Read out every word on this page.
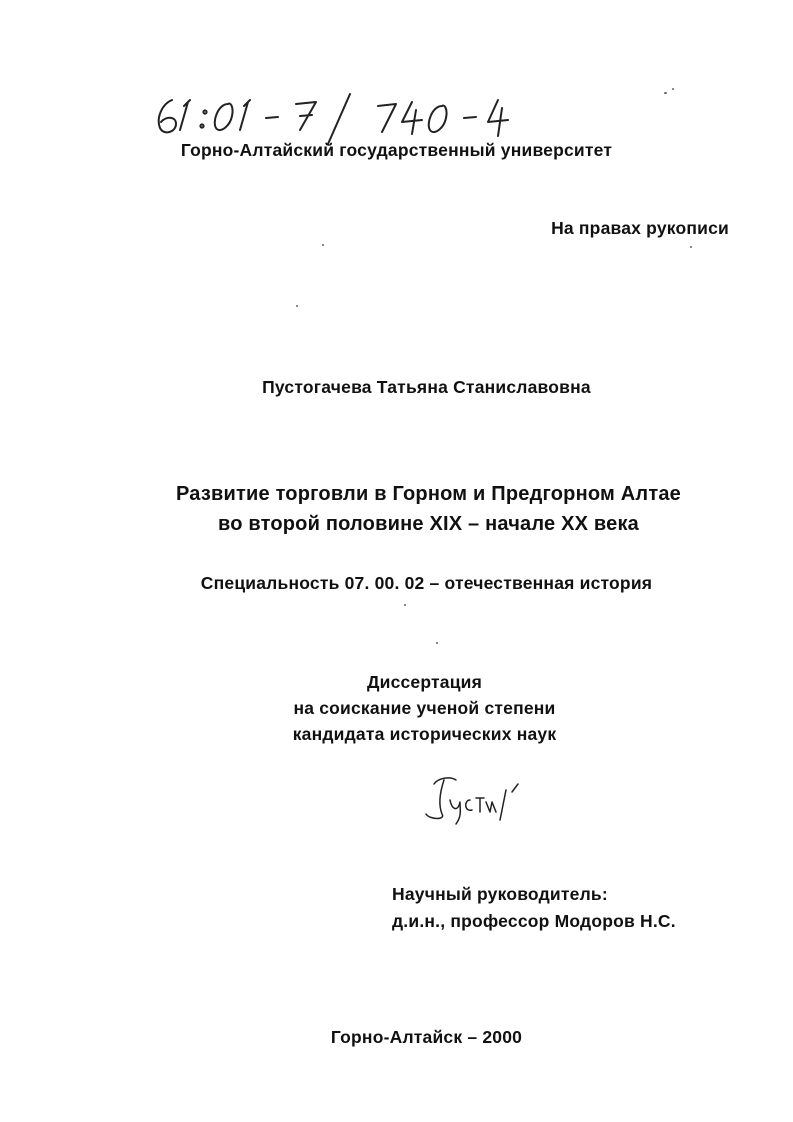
Горно-Алтайский государственный университет
На правах рукописи
Пустогачева Татьяна Станиславовна
Развитие торговли в Горном и Предгорном Алтае
во второй половине XIX – начале XX века
Специальность 07. 00. 02 – отечественная история
Диссертация
на соискание ученой степени
кандидата исторических наук
Научный руководитель:
д.и.н., профессор Модоров Н.С.
Горно-Алтайск – 2000
